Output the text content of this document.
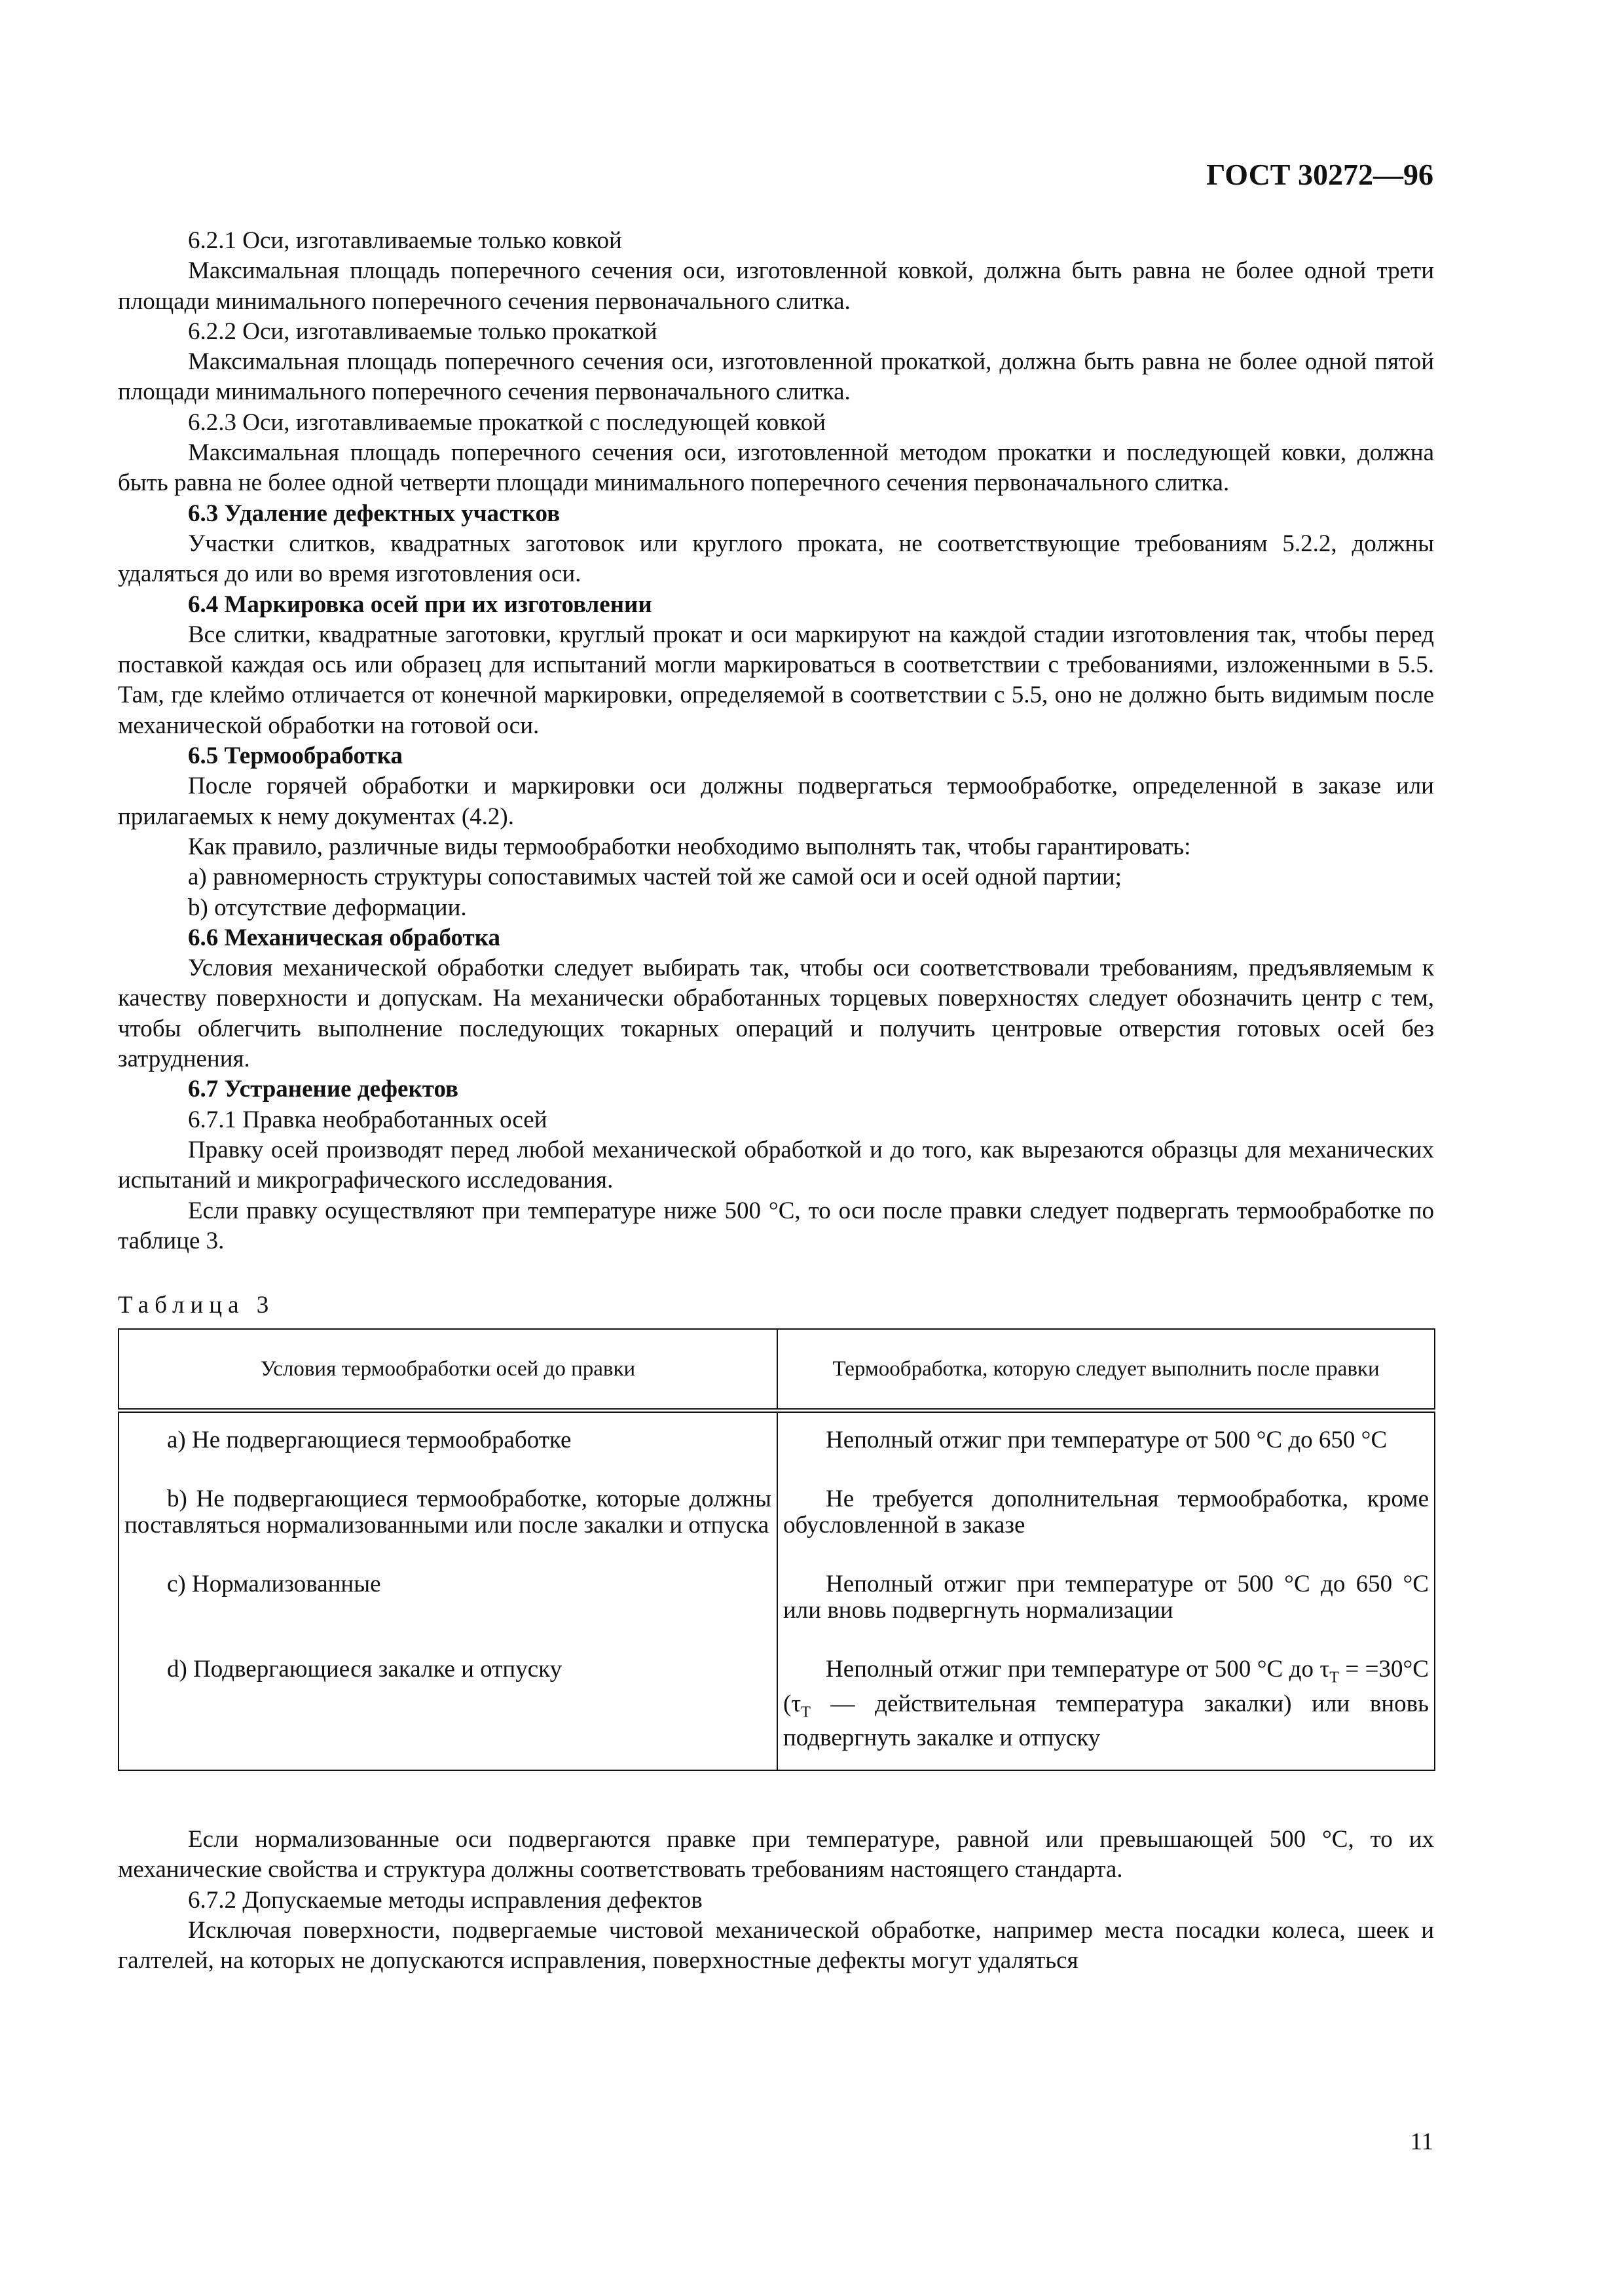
ГОСТ 30272—96

6.2.1 Оси, изготавливаемые только ковкой

Максимальная площадь поперечного сечения оси, изготовленной ковкой, должна быть равна не более одной трети площади минимального поперечного сечения первоначального слитка.

6.2.2 Оси, изготавливаемые только прокаткой

Максимальная площадь поперечного сечения оси, изготовленной прокаткой, должна быть равна не более одной пятой площади минимального поперечного сечения первоначального слитка.

6.2.3 Оси, изготавливаемые прокаткой с последующей ковкой

Максимальная площадь поперечного сечения оси, изготовленной методом прокатки и последующей ковки, должна быть равна не более одной четверти площади минимального поперечного сечения первоначального слитка.

6.3 Удаление дефектных участков

Участки слитков, квадратных заготовок или круглого проката, не соответствующие требованиям 5.2.2, должны удаляться до или во время изготовления оси.

6.4 Маркировка осей при их изготовлении

Все слитки, квадратные заготовки, круглый прокат и оси маркируют на каждой стадии изготовления так, чтобы перед поставкой каждая ось или образец для испытаний могли маркироваться в соответствии с требованиями, изложенными в 5.5. Там, где клеймо отличается от конечной маркировки, определяемой в соответствии с 5.5, оно не должно быть видимым после механической обработки на готовой оси.

6.5 Термообработка

После горячей обработки и маркировки оси должны подвергаться термообработке, определенной в заказе или прилагаемых к нему документах (4.2).

Как правило, различные виды термообработки необходимо выполнять так, чтобы гарантировать:

а) равномерность структуры сопоставимых частей той же самой оси и осей одной партии;

b) отсутствие деформации.

6.6 Механическая обработка

Условия механической обработки следует выбирать так, чтобы оси соответствовали требованиям, предъявляемым к качеству поверхности и допускам. На механически обработанных торцевых поверхностях следует обозначить центр с тем, чтобы облегчить выполнение последующих токарных операций и получить центровые отверстия готовых осей без затруднения.

6.7 Устранение дефектов

6.7.1 Правка необработанных осей

Правку осей производят перед любой механической обработкой и до того, как вырезаются образцы для механических испытаний и микрографического исследования.

Если правку осуществляют при температуре ниже 500 °С, то оси после правки следует подвергать термообработке по таблице 3.

Таблица 3
Условия термообработки осей до правки	Термообработка, которую следует выполнить после правки

а) Не подвергающиеся термообработке	Неполный отжиг при температуре от 500 °С до 650 °С

b) Не подвергающиеся термообработке, которые должны поставляться нормализованными или после закалки и отпуска	Не требуется дополнительная термообработка, кроме обусловленной в заказе

с) Нормализованные	Неполный отжиг при температуре от 500 °С до 650 °С или вновь подвергнуть нормализации

d) Подвергающиеся закалке и отпуску	Неполный отжиг при температуре от 500 °С до $\tau_Т = =30^\circ С$ ($\tau_Т$ — действительная температура закалки) или вновь подвергнуть закалке и отпуску

Если нормализованные оси подвергаются правке при температуре, равной или превышающей 500 °С, то их механические свойства и структура должны соответствовать требованиям настоящего стандарта.

6.7.2 Допускаемые методы исправления дефектов

Исключая поверхности, подвергаемые чистовой механической обработке, например места посадки колеса, шеек и галтелей, на которых не допускаются исправления, поверхностные дефекты могут удаляться

11
